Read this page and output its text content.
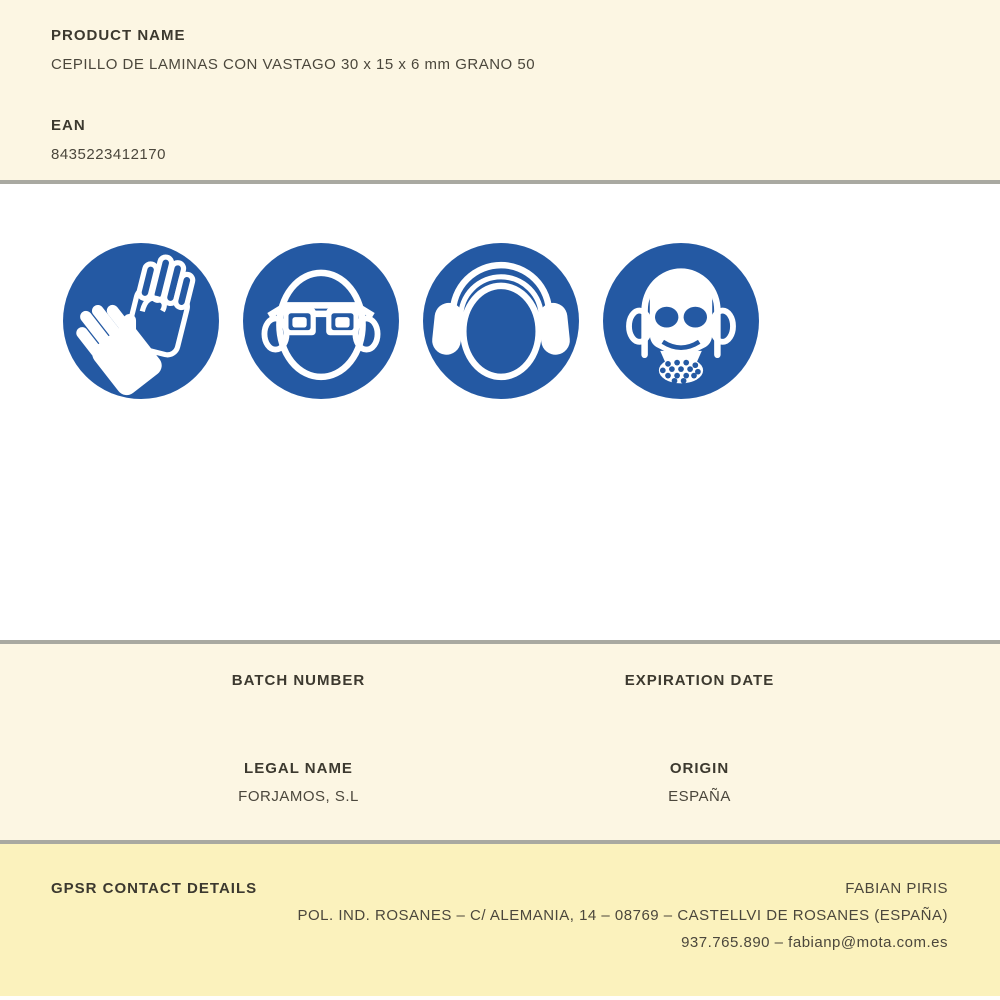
PRODUCT NAME

CEPILLO DE LAMINAS CON VASTAGO 30 x 15 x 6 mm GRANO 50

EAN

8435223412170

BATCH NUMBER	EXPIRATION DATE

LEGAL NAME

FORJAMOS, S.L

ORIGIN

ESPAÑA

GPSR CONTACT DETAILS	FABIAN PIRIS

POL. IND. ROSANES – C/ ALEMANIA, 14 – 08769 – CASTELLVI DE ROSANES (ESPAÑA)

937.765.890 – fabianp@mota.com.es
